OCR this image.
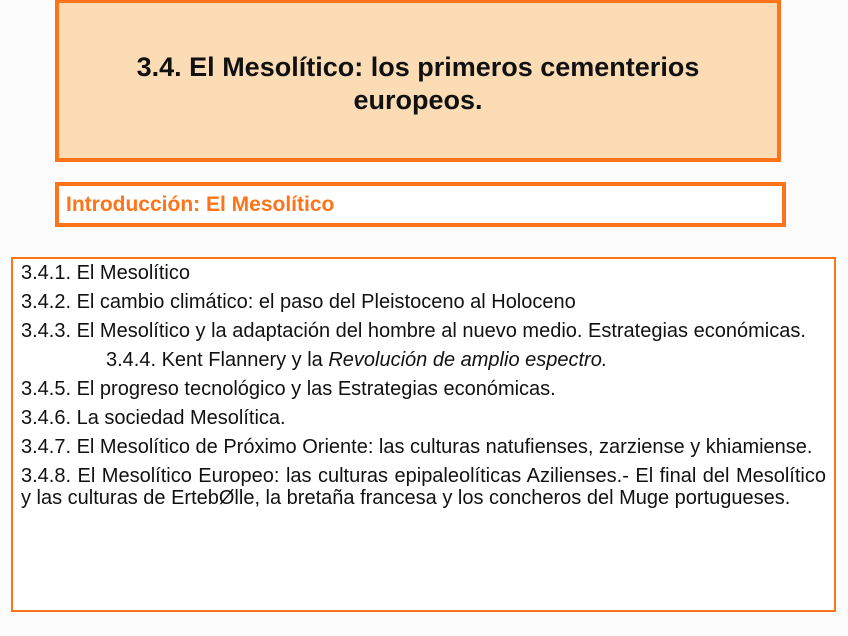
3.4. El Mesolítico: los primeros cementerios europeos.
Introducción: El Mesolítico
3.4.1. El Mesolítico
3.4.2. El cambio climático: el paso del Pleistoceno al Holoceno
3.4.3. El Mesolítico y la adaptación del hombre al nuevo medio. Estrategias económicas.
3.4.4. Kent Flannery y la Revolución de amplio espectro.
3.4.5. El progreso tecnológico y las Estrategias económicas.
3.4.6. La sociedad Mesolítica.
3.4.7. El Mesolítico de Próximo Oriente: las culturas natufienses, zarziense y khiamiense.
3.4.8. El Mesolítico Europeo: las culturas epipaleolíticas Azilienses.- El final del Mesolítico y las culturas de ErtebØlle, la bretaña francesa y los concheros del Muge portugueses.
